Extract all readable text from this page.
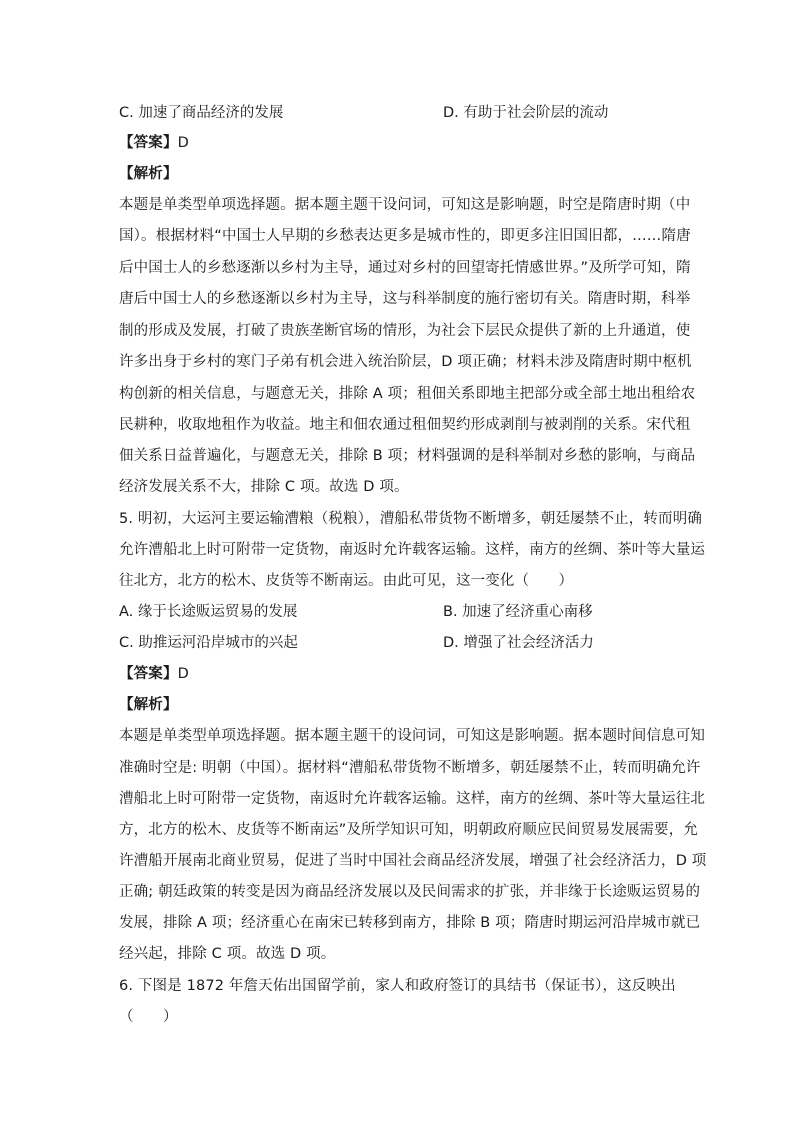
C. 加速了商品经济的发展	D. 有助于社会阶层的流动
【答案】D
【解析】
本题是单类型单项选择题。据本题主题干设问词，可知这是影响题，时空是隋唐时期（中
国）。根据材料“中国士人早期的乡愁表达更多是城市性的，即更多注旧国旧都，……隋唐
后中国士人的乡愁逐渐以乡村为主导，通过对乡村的回望寄托情感世界。”及所学可知，隋
唐后中国士人的乡愁逐渐以乡村为主导，这与科举制度的施行密切有关。隋唐时期，科举
制的形成及发展，打破了贵族垄断官场的情形，为社会下层民众提供了新的上升通道，使
许多出身于乡村的寒门子弟有机会进入统治阶层，D 项正确；材料未涉及隋唐时期中枢机
构创新的相关信息，与题意无关，排除 A 项；租佃关系即地主把部分或全部土地出租给农
民耕种，收取地租作为收益。地主和佃农通过租佃契约形成剥削与被剥削的关系。宋代租
佃关系日益普遍化，与题意无关，排除 B 项；材料强调的是科举制对乡愁的影响，与商品
经济发展关系不大，排除 C 项。故选 D 项。
5. 明初，大运河主要运输漕粮（税粮），漕船私带货物不断增多，朝廷屡禁不止，转而明确
允许漕船北上时可附带一定货物，南返时允许载客运输。这样，南方的丝绸、茶叶等大量运
往北方，北方的松木、皮货等不断南运。由此可见，这一变化（　　）
A. 缘于长途贩运贸易的发展	B. 加速了经济重心南移
C. 助推运河沿岸城市的兴起	D. 增强了社会经济活力
【答案】D
【解析】
本题是单类型单项选择题。据本题主题干的设问词，可知这是影响题。据本题时间信息可知
准确时空是: 明朝（中国）。据材料“漕船私带货物不断增多，朝廷屡禁不止，转而明确允许
漕船北上时可附带一定货物，南返时允许载客运输。这样，南方的丝绸、茶叶等大量运往北
方，北方的松木、皮货等不断南运”及所学知识可知，明朝政府顺应民间贸易发展需要，允
许漕船开展南北商业贸易，促进了当时中国社会商品经济发展，增强了社会经济活力，D 项
正确; 朝廷政策的转变是因为商品经济发展以及民间需求的扩张，并非缘于长途贩运贸易的
发展，排除 A 项；经济重心在南宋已转移到南方，排除 B 项；隋唐时期运河沿岸城市就已
经兴起，排除 C 项。故选 D 项。
6. 下图是 1872 年詹天佑出国留学前，家人和政府签订的具结书（保证书），这反映出
（　　）
